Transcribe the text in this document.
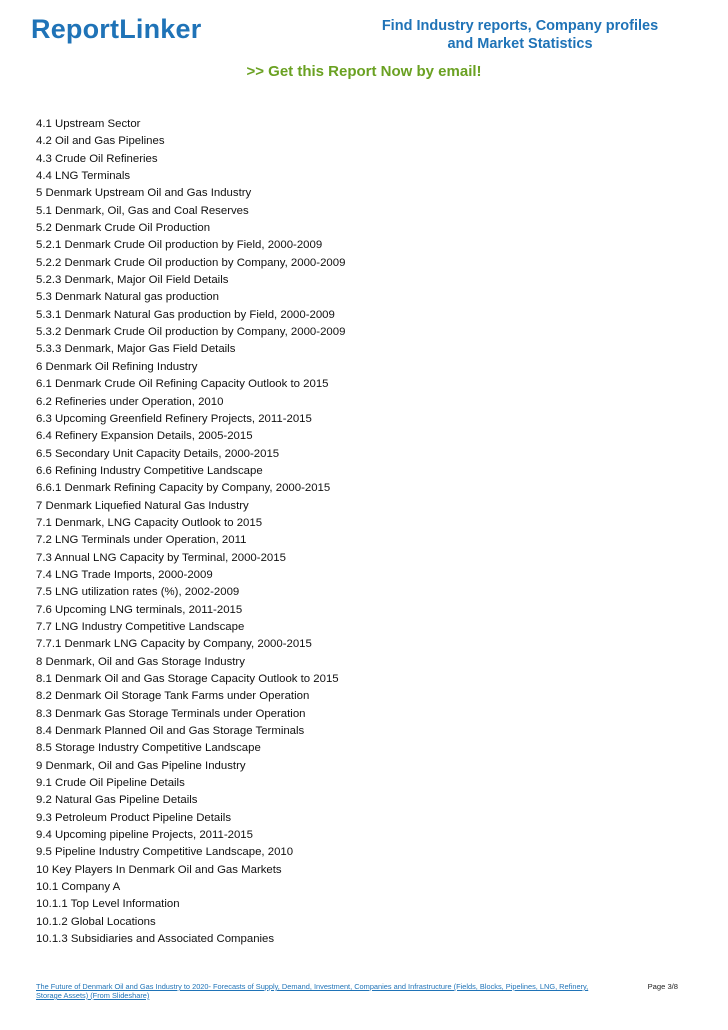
ReportLinker	Find Industry reports, Company profiles
and Market Statistics
>> Get this Report Now by email!
4.1 Upstream Sector
4.2 Oil and Gas Pipelines
4.3 Crude Oil Refineries
4.4 LNG Terminals
5 Denmark Upstream Oil and Gas Industry
5.1 Denmark, Oil, Gas and Coal Reserves
5.2 Denmark Crude Oil Production
5.2.1 Denmark Crude Oil production by Field, 2000-2009
5.2.2 Denmark Crude Oil production by Company, 2000-2009
5.2.3 Denmark, Major Oil Field Details
5.3 Denmark Natural gas production
5.3.1 Denmark Natural Gas production by Field, 2000-2009
5.3.2 Denmark Crude Oil production by Company, 2000-2009
5.3.3 Denmark, Major Gas Field Details
6 Denmark Oil Refining Industry
6.1 Denmark Crude Oil Refining Capacity Outlook to 2015
6.2 Refineries under Operation, 2010
6.3 Upcoming Greenfield Refinery Projects, 2011-2015
6.4 Refinery Expansion Details, 2005-2015
6.5 Secondary Unit Capacity Details, 2000-2015
6.6 Refining Industry Competitive Landscape
6.6.1 Denmark Refining Capacity by Company, 2000-2015
7 Denmark Liquefied Natural Gas Industry
7.1 Denmark, LNG Capacity Outlook to 2015
7.2 LNG Terminals under Operation, 2011
7.3 Annual LNG Capacity by Terminal, 2000-2015
7.4 LNG Trade Imports, 2000-2009
7.5 LNG utilization rates (%), 2002-2009
7.6 Upcoming LNG terminals, 2011-2015
7.7 LNG Industry Competitive Landscape
7.7.1 Denmark LNG Capacity by Company, 2000-2015
8 Denmark, Oil and Gas Storage Industry
8.1 Denmark Oil and Gas Storage Capacity Outlook to 2015
8.2 Denmark Oil Storage Tank Farms under Operation
8.3 Denmark Gas Storage Terminals under Operation
8.4 Denmark Planned Oil and Gas Storage Terminals
8.5 Storage Industry Competitive Landscape
9 Denmark, Oil and Gas Pipeline Industry
9.1 Crude Oil Pipeline Details
9.2 Natural Gas Pipeline Details
9.3 Petroleum Product Pipeline Details
9.4 Upcoming pipeline Projects, 2011-2015
9.5 Pipeline Industry Competitive Landscape, 2010
10 Key Players In Denmark Oil and Gas Markets
10.1 Company A
10.1.1 Top Level Information
10.1.2 Global Locations
10.1.3 Subsidiaries and Associated Companies
The Future of Denmark Oil and Gas Industry to 2020- Forecasts of Supply, Demand, Investment, Companies and Infrastructure (Fields, Blocks, Pipelines, LNG, Refinery, Storage Assets) (From Slideshare)
Page 3/8
